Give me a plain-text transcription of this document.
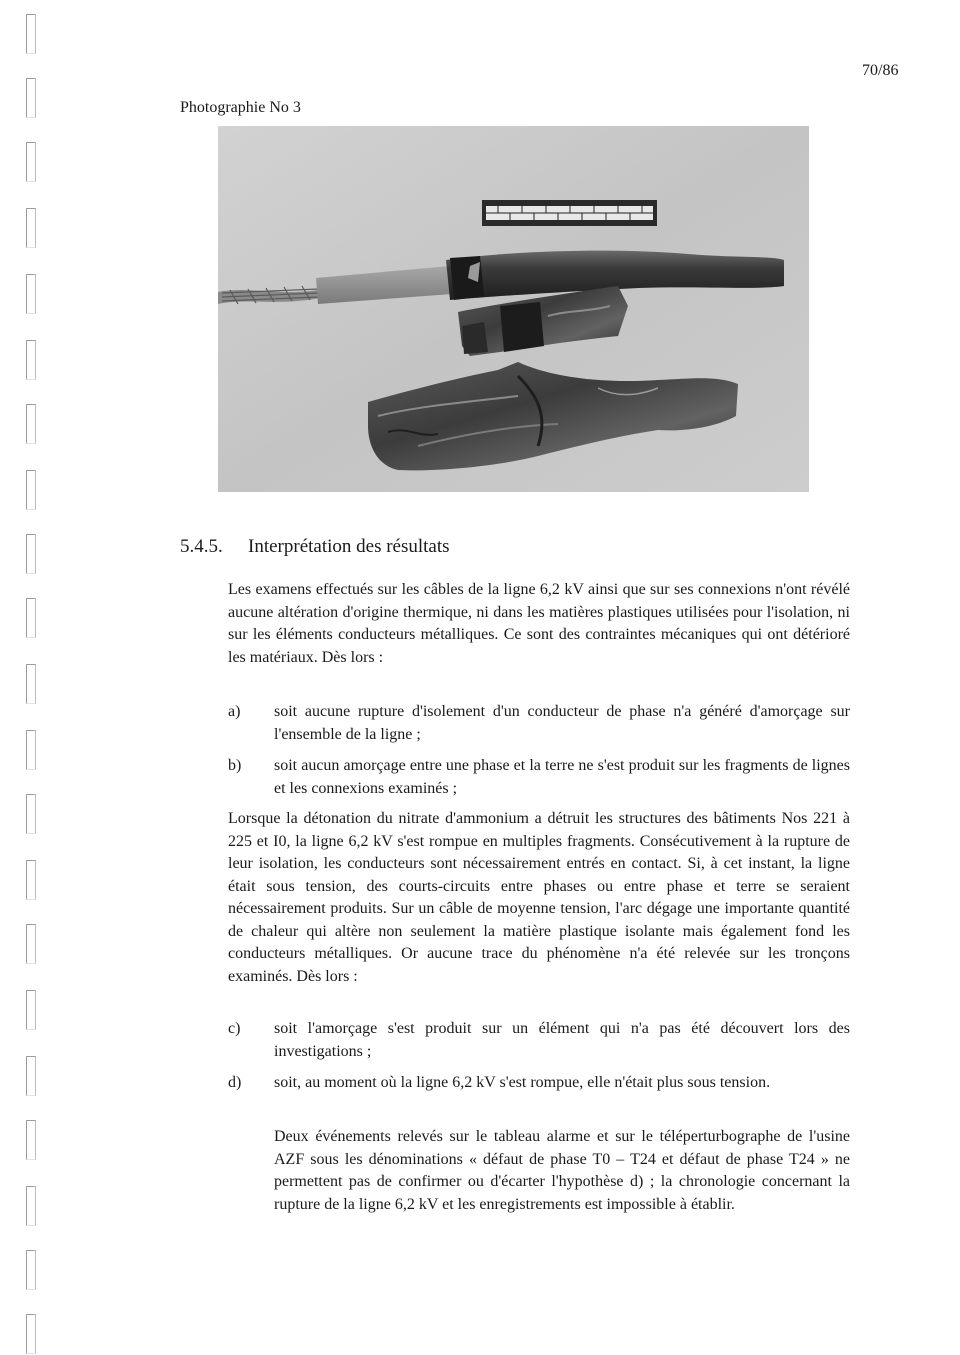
70/86
Photographie No 3
5.4.5. Interprétation des résultats
Les examens effectués sur les câbles de la ligne 6,2 kV ainsi que sur ses connexions n'ont révélé aucune altération d'origine thermique, ni dans les matières plastiques utilisées pour l'isolation, ni sur les éléments conducteurs métalliques. Ce sont des contraintes mécaniques qui ont détérioré les matériaux. Dès lors :
a)	soit aucune rupture d'isolement d'un conducteur de phase n'a généré d'amorçage sur l'ensemble de la ligne ;
b)	soit aucun amorçage entre une phase et la terre ne s'est produit sur les fragments de lignes et les connexions examinés ;
Lorsque la détonation du nitrate d'ammonium a détruit les structures des bâtiments Nos 221 à 225 et I0, la ligne 6,2 kV s'est rompue en multiples fragments. Consécutivement à la rupture de leur isolation, les conducteurs sont nécessairement entrés en contact. Si, à cet instant, la ligne était sous tension, des courts-circuits entre phases ou entre phase et terre se seraient nécessairement produits. Sur un câble de moyenne tension, l'arc dégage une importante quantité de chaleur qui altère non seulement la matière plastique isolante mais également fond les conducteurs métalliques. Or aucune trace du phénomène n'a été relevée sur les tronçons examinés. Dès lors :
c)	soit l'amorçage s'est produit sur un élément qui n'a pas été découvert lors des investigations ;
d)	soit, au moment où la ligne 6,2 kV s'est rompue, elle n'était plus sous tension.
Deux événements relevés sur le tableau alarme et sur le téléperturbographe de l'usine AZF sous les dénominations « défaut de phase T0 – T24 et défaut de phase T24 » ne permettent pas de confirmer ou d'écarter l'hypothèse d) ; la chronologie concernant la rupture de la ligne 6,2 kV et les enregistrements est impossible à établir.
